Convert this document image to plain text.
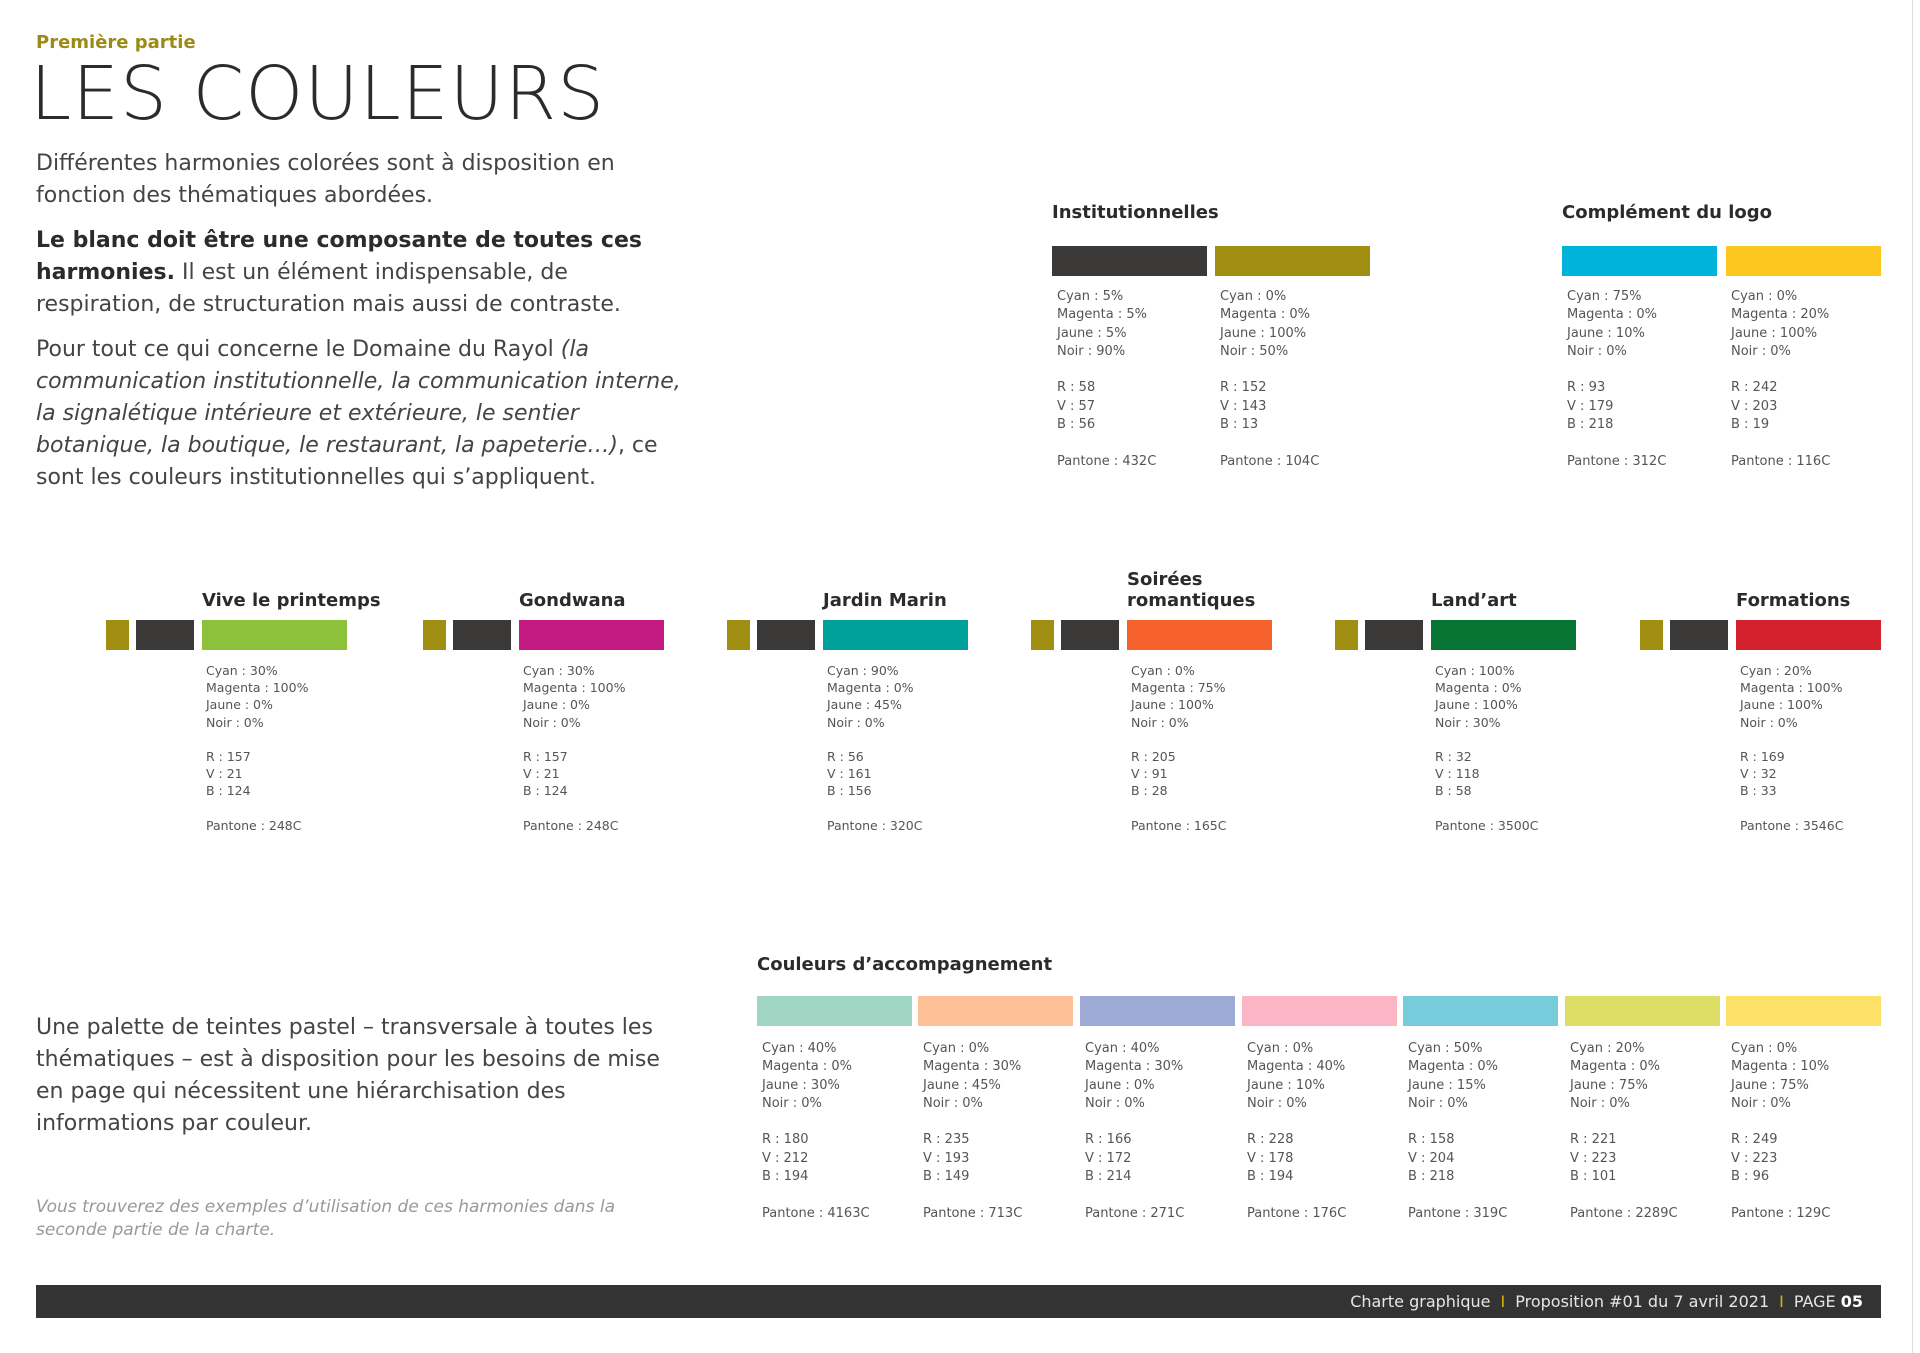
Première partie
LES COULEURS

Différentes harmonies colorées sont à disposition en fonction des thématiques abordées.

Le blanc doit être une composante de toutes ces harmonies. Il est un élément indispensable, de respiration, de structuration mais aussi de contraste.

Pour tout ce qui concerne le Domaine du Rayol (la communication institutionnelle, la communication interne, la signalétique intérieure et extérieure, le sentier botanique, la boutique, le restaurant, la papeterie…), ce sont les couleurs institutionnelles qui s’appliquent.

Institutionnelles
Cyan : 5%
Magenta : 5%
Jaune : 5%
Noir : 90%
R : 58
V : 57
B : 56
Pantone : 432C
Cyan : 0%
Magenta : 0%
Jaune : 100%
Noir : 50%
R : 152
V : 143
B : 13
Pantone : 104C
Complément du logo
Cyan : 75%
Magenta : 0%
Jaune : 10%
Noir : 0%
R : 93
V : 179
B : 218
Pantone : 312C
Cyan : 0%
Magenta : 20%
Jaune : 100%
Noir : 0%
R : 242
V : 203
B : 19
Pantone : 116C
Vive le printemps
Cyan : 30%
Magenta : 100%
Jaune : 0%
Noir : 0%
R : 157
V : 21
B : 124
Pantone : 248C
Gondwana
Cyan : 30%
Magenta : 100%
Jaune : 0%
Noir : 0%
R : 157
V : 21
B : 124
Pantone : 248C
Jardin Marin
Cyan : 90%
Magenta : 0%
Jaune : 45%
Noir : 0%
R : 56
V : 161
B : 156
Pantone : 320C
Soirées
romantiques
Cyan : 0%
Magenta : 75%
Jaune : 100%
Noir : 0%
R : 205
V : 91
B : 28
Pantone : 165C
Land’art
Cyan : 100%
Magenta : 0%
Jaune : 100%
Noir : 30%
R : 32
V : 118
B : 58
Pantone : 3500C
Formations
Cyan : 20%
Magenta : 100%
Jaune : 100%
Noir : 0%
R : 169
V : 32
B : 33
Pantone : 3546C
Couleurs d’accompagnement
Cyan : 40%
Magenta : 0%
Jaune : 30%
Noir : 0%
R : 180
V : 212
B : 194
Pantone : 4163C
Cyan : 0%
Magenta : 30%
Jaune : 45%
Noir : 0%
R : 235
V : 193
B : 149
Pantone : 713C
Cyan : 40%
Magenta : 30%
Jaune : 0%
Noir : 0%
R : 166
V : 172
B : 214
Pantone : 271C
Cyan : 0%
Magenta : 40%
Jaune : 10%
Noir : 0%
R : 228
V : 178
B : 194
Pantone : 176C
Cyan : 50%
Magenta : 0%
Jaune : 15%
Noir : 0%
R : 158
V : 204
B : 218
Pantone : 319C
Cyan : 20%
Magenta : 0%
Jaune : 75%
Noir : 0%
R : 221
V : 223
B : 101
Pantone : 2289C
Cyan : 0%
Magenta : 10%
Jaune : 75%
Noir : 0%
R : 249
V : 223
B : 96
Pantone : 129C
Une palette de teintes pastel – transversale à toutes les thématiques – est à disposition pour les besoins de mise en page qui nécessitent une hiérarchisation des informations par couleur.
Vous trouverez des exemples d’utilisation de ces harmonies dans la seconde partie de la charte.
Charte graphique I Proposition #01 du 7 avril 2021 I PAGE 05
